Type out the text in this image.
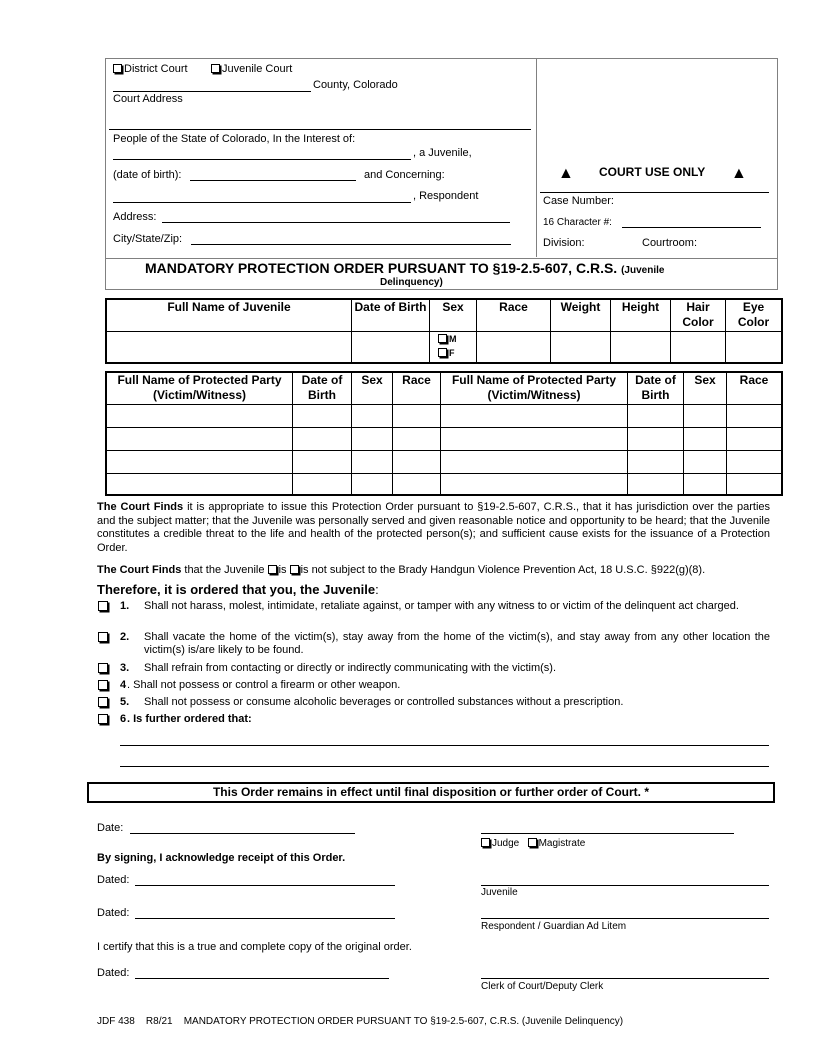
District Court	Juvenile Court
County, Colorado
Court Address
People of the State of Colorado, In the Interest of:
, a Juvenile,
(date of birth):	and Concerning:
, Respondent
Address:
City/State/Zip:
▲ COURT USE ONLY ▲
Case Number:
16 Character #:
Division:	Courtroom:
MANDATORY PROTECTION ORDER PURSUANT TO §19-2.5-607, C.R.S. (Juvenile
Delinquency)
Full Name of Juvenile	Date of Birth	Sex	Race	Weight	Height	Hair Color	Eye Color

		M
F					

Full Name of Protected Party (Victim/Witness)	Date of Birth	Sex	Race	Full Name of Protected Party (Victim/Witness)	Date of Birth	Sex	Race

The Court Finds it is appropriate to issue this Protection Order pursuant to §19-2.5-607, C.R.S., that it has jurisdiction over the parties and the subject matter; that the Juvenile was personally served and given reasonable notice and opportunity to be heard; that the Juvenile constitutes a credible threat to the life and health of the protected person(s); and sufficient cause exists for the issuance of a Protection Order.
The Court Finds that the Juvenile is is not subject to the Brady Handgun Violence Prevention Act, 18 U.S.C. §922(g)(8).
Therefore, it is ordered that you, the Juvenile:
1. Shall not harass, molest, intimidate, retaliate against, or tamper with any witness to or victim of the delinquent act charged.
2. Shall vacate the home of the victim(s), stay away from the home of the victim(s), and stay away from any other location the victim(s) is/are likely to be found.
3. Shall refrain from contacting or directly or indirectly communicating with the victim(s).
4 . Shall not possess or control a firearm or other weapon.
5. Shall not possess or consume alcoholic beverages or controlled substances without a prescription.
6 . Is further ordered that:
This Order remains in effect until final disposition or further order of Court. *
Date:
Judge Magistrate
By signing, I acknowledge receipt of this Order.
Dated:
Juvenile
Dated:
Respondent / Guardian Ad Litem
I certify that this is a true and complete copy of the original order.
Dated:
Clerk of Court/Deputy Clerk
JDF 438    R8/21    MANDATORY PROTECTION ORDER PURSUANT TO §19-2.5-607, C.R.S. (Juvenile Delinquency)
